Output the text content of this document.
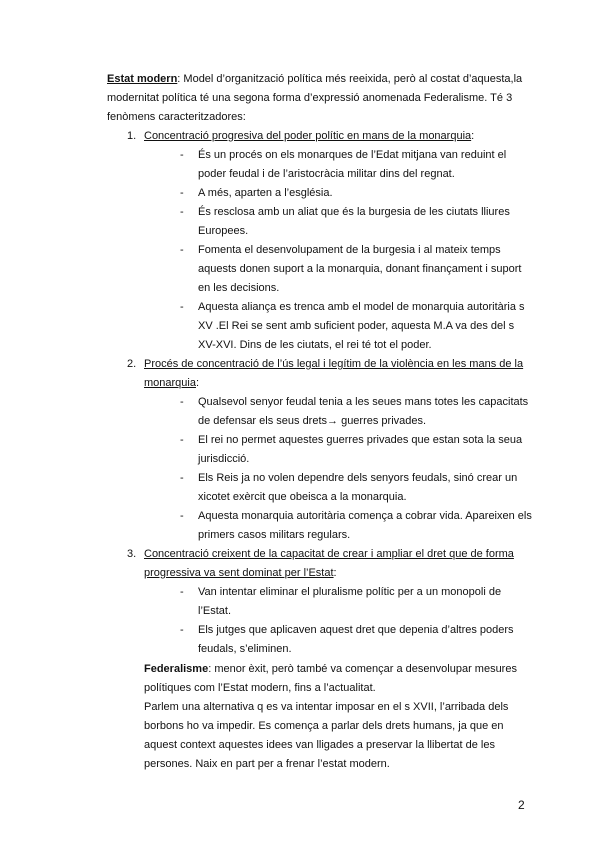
Estat modern: Model d’organització política més reeixida, però al costat d’aquesta,la modernitat política té una segona forma d’expressió anomenada Federalisme. Té 3 fenòmens caracteritzadores:
1. Concentració progresiva del poder polític en mans de la monarquia:
- És un procés on els monarques de l’Edat mitjana van reduint el poder feudal i de l’aristocràcia militar dins del regnat.
- A més, aparten a l’església.
- És resclosa amb un aliat que és la burgesia de les ciutats lliures Europees.
- Fomenta el desenvolupament de la burgesia i al mateix temps aquests donen suport a la monarquia, donant finançament i suport en les decisions.
- Aquesta aliança es trenca amb el model de monarquia autoritària s XV .El Rei se sent amb suficient poder, aquesta M.A va des del s XV-XVI. Dins de les ciutats, el rei té tot el poder.
2. Procés de concentració de l’ús legal i legítim de la violència en les mans de la monarquia:
- Qualsevol senyor feudal tenia a les seues mans totes les capacitats de defensar els seus drets→ guerres privades.
- El rei no permet aquestes guerres privades que estan sota la seua jurisdicció.
- Els Reis ja no volen dependre dels senyors feudals, sinó crear un xicotet exèrcit que obeisca a la monarquia.
- Aquesta monarquia autoritària comença a cobrar vida. Apareixen els primers casos militars regulars.
3. Concentració creixent de la capacitat de crear i ampliar el dret que de forma progressiva va sent dominat per l’Estat:
- Van intentar eliminar el pluralisme polític per a un monopoli de l’Estat.
- Els jutges que aplicaven aquest dret que depenia d’altres poders feudals, s’eliminen.
Federalisme: menor èxit, però també va començar a desenvolupar mesures polítiques com l’Estat modern, fins a l’actualitat.
Parlem una alternativa q es va intentar imposar en el s XVII, l’arribada dels borbons ho va impedir. Es comença a parlar dels drets humans, ja que en aquest context aquestes idees van lligades a preservar la llibertat de les persones. Naix en part per a frenar l’estat modern.
2
